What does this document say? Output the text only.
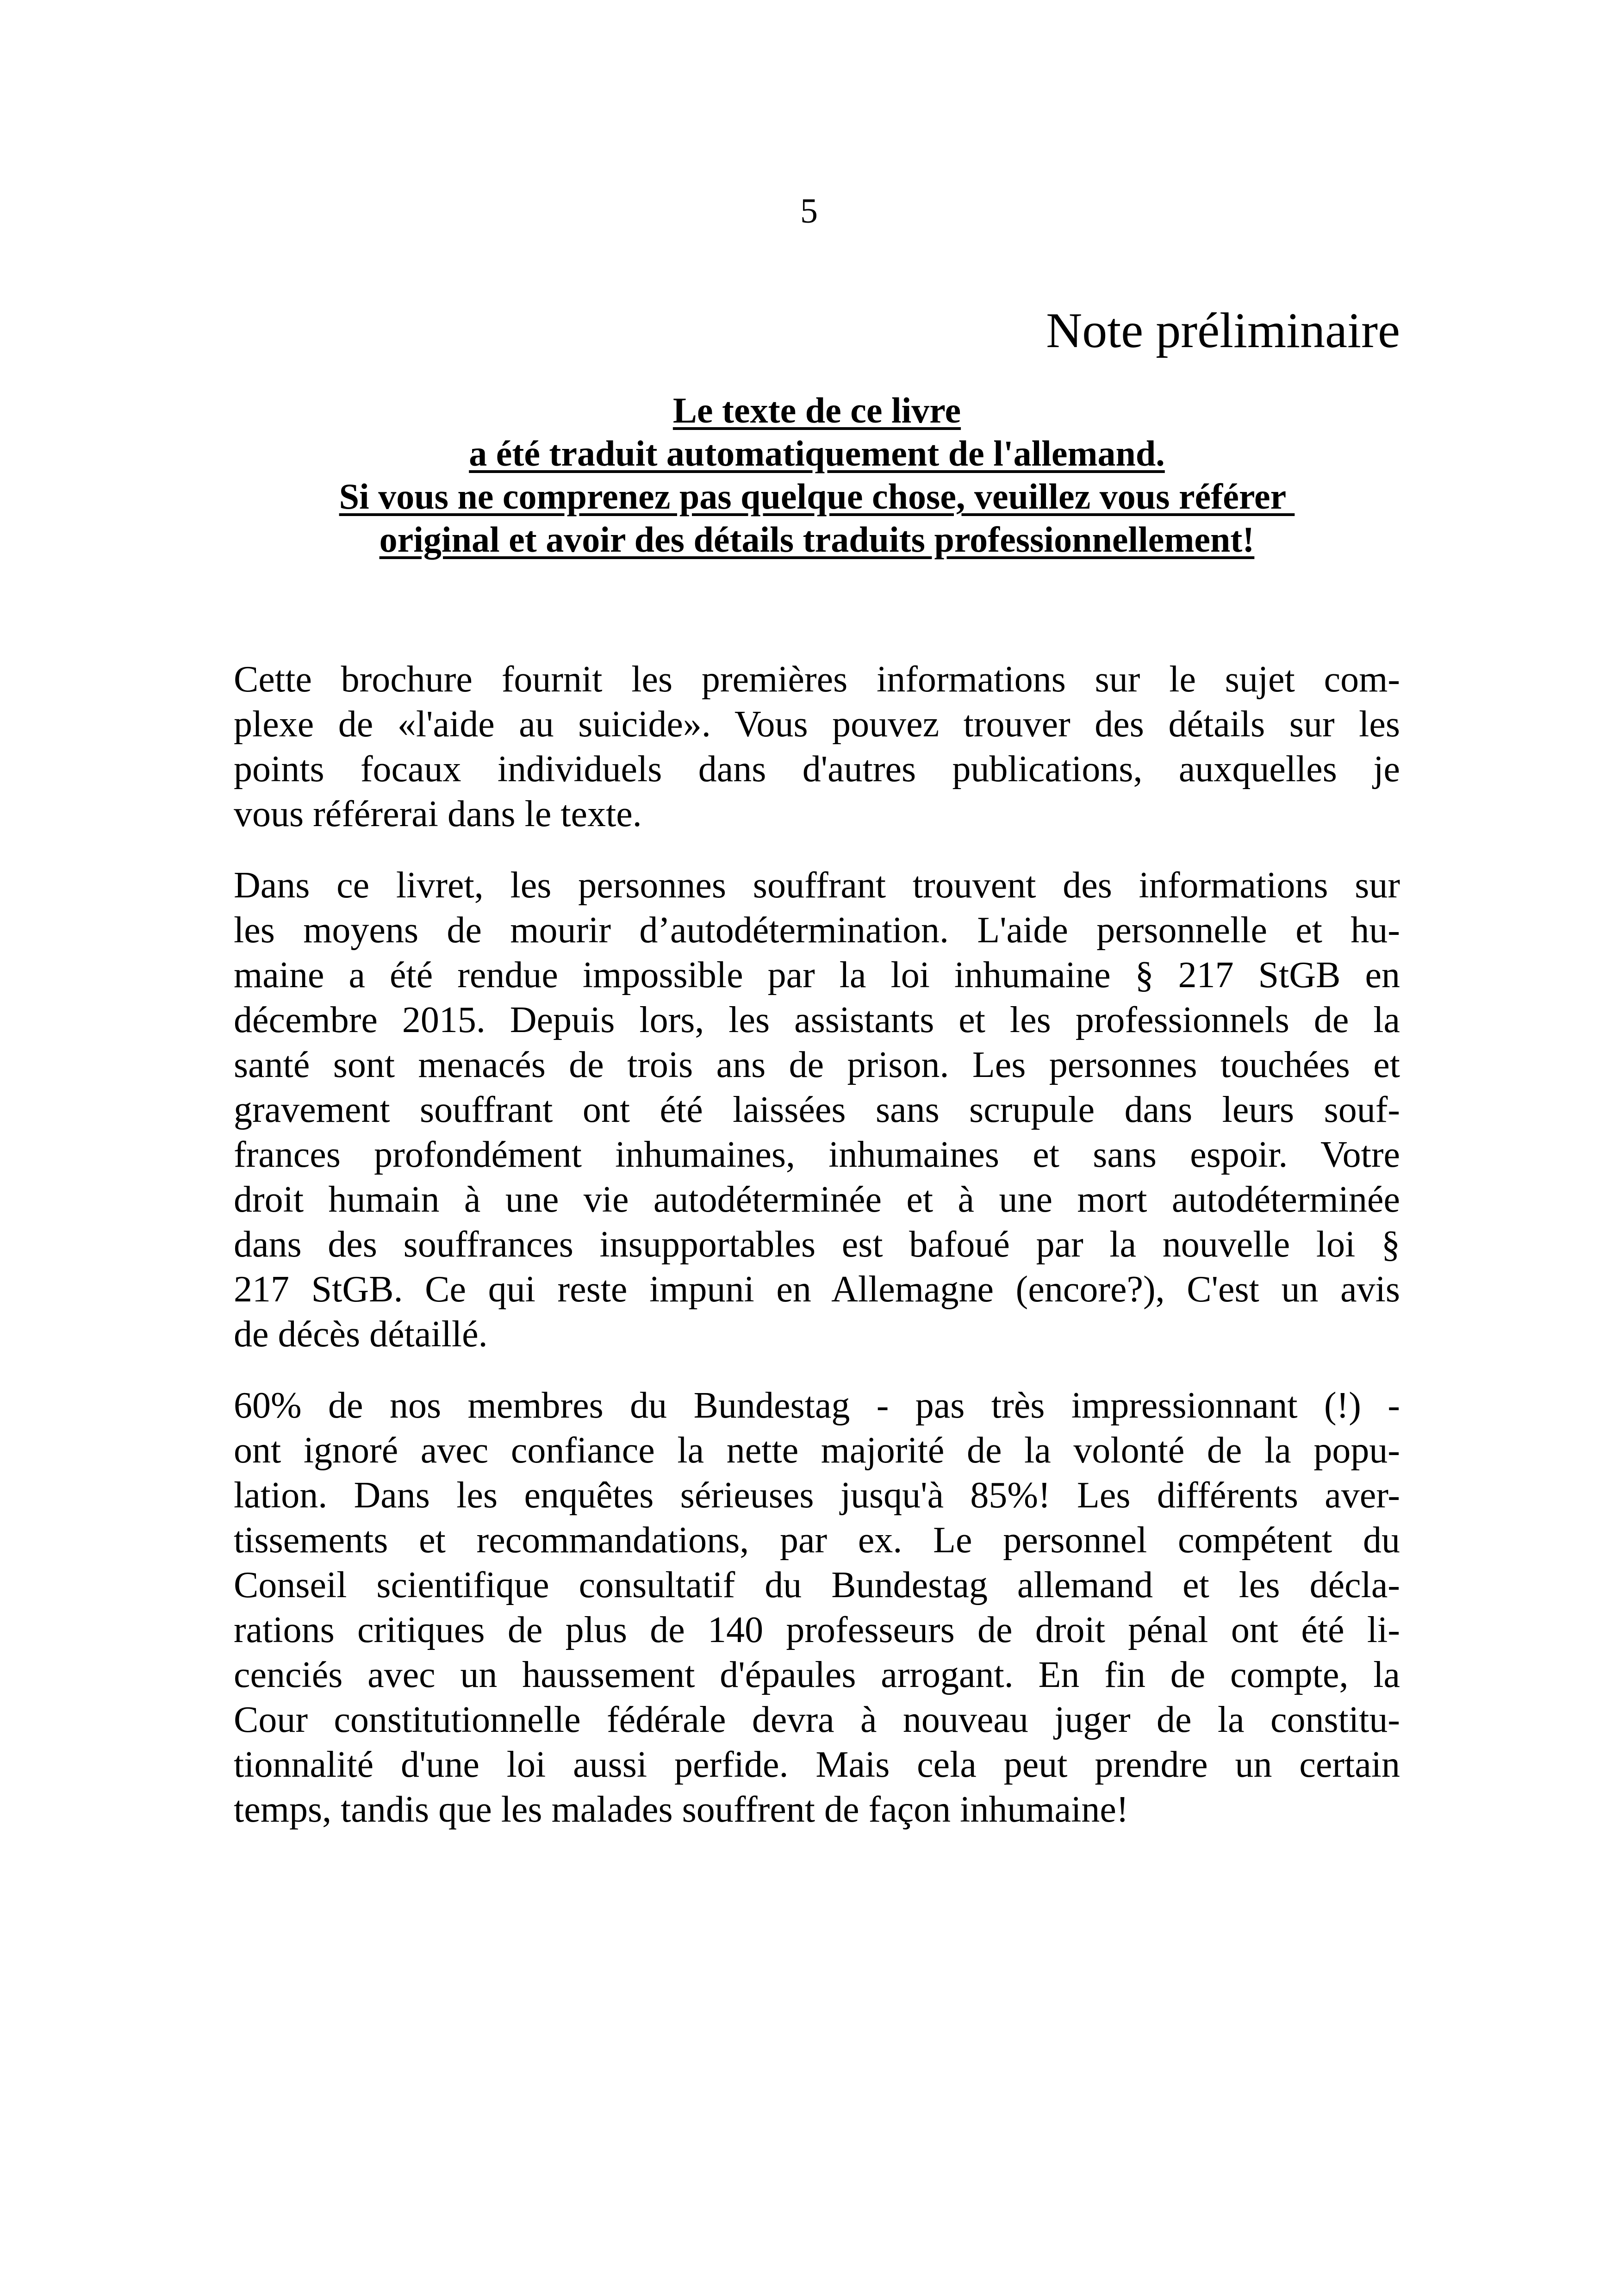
5
Note préliminaire
Le texte de ce livre
a été traduit automatiquement de l'allemand.
Si vous ne comprenez pas quelque chose, veuillez vous référer
original et avoir des détails traduits professionnellement!

Cette brochure fournit les premières informations sur le sujet com-
plexe de «l'aide au suicide». Vous pouvez trouver des détails sur les
points focaux individuels dans d'autres publications, auxquelles je
vous référerai dans le texte.

Dans ce livret, les personnes souffrant trouvent des informations sur
les moyens de mourir d’autodétermination. L'aide personnelle et hu-
maine a été rendue impossible par la loi inhumaine § 217 StGB en
décembre 2015. Depuis lors, les assistants et les professionnels de la
santé sont menacés de trois ans de prison. Les personnes touchées et
gravement souffrant ont été laissées sans scrupule dans leurs souf-
frances profondément inhumaines, inhumaines et sans espoir. Votre
droit humain à une vie autodéterminée et à une mort autodéterminée
dans des souffrances insupportables est bafoué par la nouvelle loi §
217 StGB. Ce qui reste impuni en Allemagne (encore?), C'est un avis
de décès détaillé.

60% de nos membres du Bundestag - pas très impressionnant (!) -
ont ignoré avec confiance la nette majorité de la volonté de la popu-
lation. Dans les enquêtes sérieuses jusqu'à 85%! Les différents aver-
tissements et recommandations, par ex. Le personnel compétent du
Conseil scientifique consultatif du Bundestag allemand et les décla-
rations critiques de plus de 140 professeurs de droit pénal ont été li-
cenciés avec un haussement d'épaules arrogant. En fin de compte, la
Cour constitutionnelle fédérale devra à nouveau juger de la constitu-
tionnalité d'une loi aussi perfide. Mais cela peut prendre un certain
temps, tandis que les malades souffrent de façon inhumaine!
